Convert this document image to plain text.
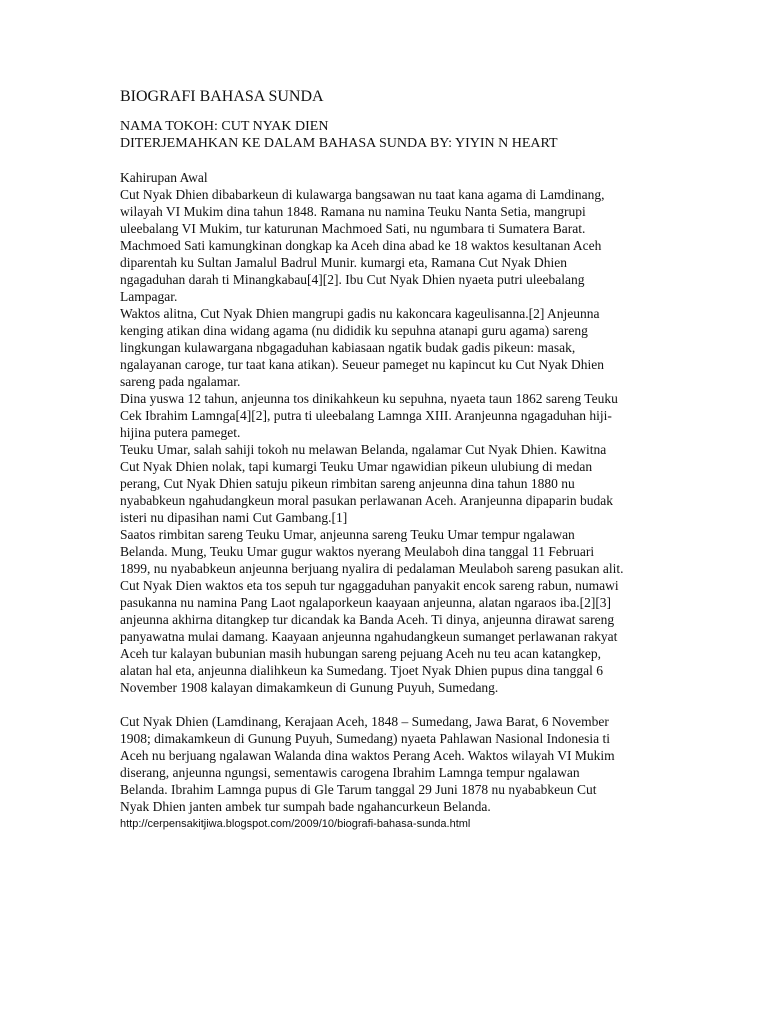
BIOGRAFI BAHASA SUNDA
NAMA TOKOH: CUT NYAK DIEN
DITERJEMAHKAN KE DALAM BAHASA SUNDA BY: YIYIN N HEART
Kahirupan Awal
Cut Nyak Dhien dibabarkeun di kulawarga bangsawan nu taat kana agama di Lamdinang,
wilayah VI Mukim dina tahun 1848. Ramana nu namina Teuku Nanta Setia, mangrupi
uleebalang VI Mukim, tur katurunan Machmoed Sati, nu ngumbara ti Sumatera Barat.
Machmoed Sati kamungkinan dongkap ka Aceh dina abad ke 18 waktos kesultanan Aceh
diparentah ku Sultan Jamalul Badrul Munir. kumargi eta, Ramana Cut Nyak Dhien
ngagaduhan darah ti Minangkabau[4][2]. Ibu Cut Nyak Dhien nyaeta putri uleebalang
Lampagar.
Waktos alitna, Cut Nyak Dhien mangrupi gadis nu kakoncara kageulisanna.[2] Anjeunna
kenging atikan dina widang agama (nu dididik ku sepuhna atanapi guru agama) sareng
lingkungan kulawargana nbgagaduhan kabiasaan ngatik budak gadis pikeun: masak,
ngalayanan caroge, tur taat kana atikan). Seueur pameget nu kapincut ku Cut Nyak Dhien
sareng pada ngalamar.
Dina yuswa 12 tahun, anjeunna tos dinikahkeun ku sepuhna, nyaeta taun 1862 sareng Teuku
Cek Ibrahim Lamnga[4][2], putra ti uleebalang Lamnga XIII. Aranjeunna ngagaduhan hiji-
hijina putera pameget.
Teuku Umar, salah sahiji tokoh nu melawan Belanda, ngalamar Cut Nyak Dhien. Kawitna
Cut Nyak Dhien nolak, tapi kumargi Teuku Umar ngawidian pikeun ulubiung di medan
perang, Cut Nyak Dhien satuju pikeun rimbitan sareng anjeunna dina tahun 1880 nu
nyababkeun ngahudangkeun moral pasukan perlawanan Aceh. Aranjeunna dipaparin budak
isteri nu dipasihan nami Cut Gambang.[1]
Saatos rimbitan sareng Teuku Umar, anjeunna sareng Teuku Umar tempur ngalawan
Belanda. Mung, Teuku Umar gugur waktos nyerang Meulaboh dina tanggal 11 Februari
1899, nu nyababkeun anjeunna berjuang nyalira di pedalaman Meulaboh sareng pasukan alit.
Cut Nyak Dien waktos eta tos sepuh tur ngaggaduhan panyakit encok sareng rabun, numawi
pasukanna nu namina Pang Laot ngalaporkeun kaayaan anjeunna, alatan ngaraos iba.[2][3]
anjeunna akhirna ditangkep tur dicandak ka Banda Aceh. Ti dinya, anjeunna dirawat sareng
panyawatna mulai damang. Kaayaan anjeunna ngahudangkeun sumanget perlawanan rakyat
Aceh tur kalayan bubunian masih hubungan sareng pejuang Aceh nu teu acan katangkep,
alatan hal eta, anjeunna dialihkeun ka Sumedang. Tjoet Nyak Dhien pupus dina tanggal 6
November 1908 kalayan dimakamkeun di Gunung Puyuh, Sumedang.
Cut Nyak Dhien (Lamdinang, Kerajaan Aceh, 1848 – Sumedang, Jawa Barat, 6 November
1908; dimakamkeun di Gunung Puyuh, Sumedang) nyaeta Pahlawan Nasional Indonesia ti
Aceh nu berjuang ngalawan Walanda dina waktos Perang Aceh. Waktos wilayah VI Mukim
diserang, anjeunna ngungsi, sementawis carogena Ibrahim Lamnga tempur ngalawan
Belanda. Ibrahim Lamnga pupus di Gle Tarum tanggal 29 Juni 1878 nu nyababkeun Cut
Nyak Dhien janten ambek tur sumpah bade ngahancurkeun Belanda.
http://cerpensakitjiwa.blogspot.com/2009/10/biografi-bahasa-sunda.html
